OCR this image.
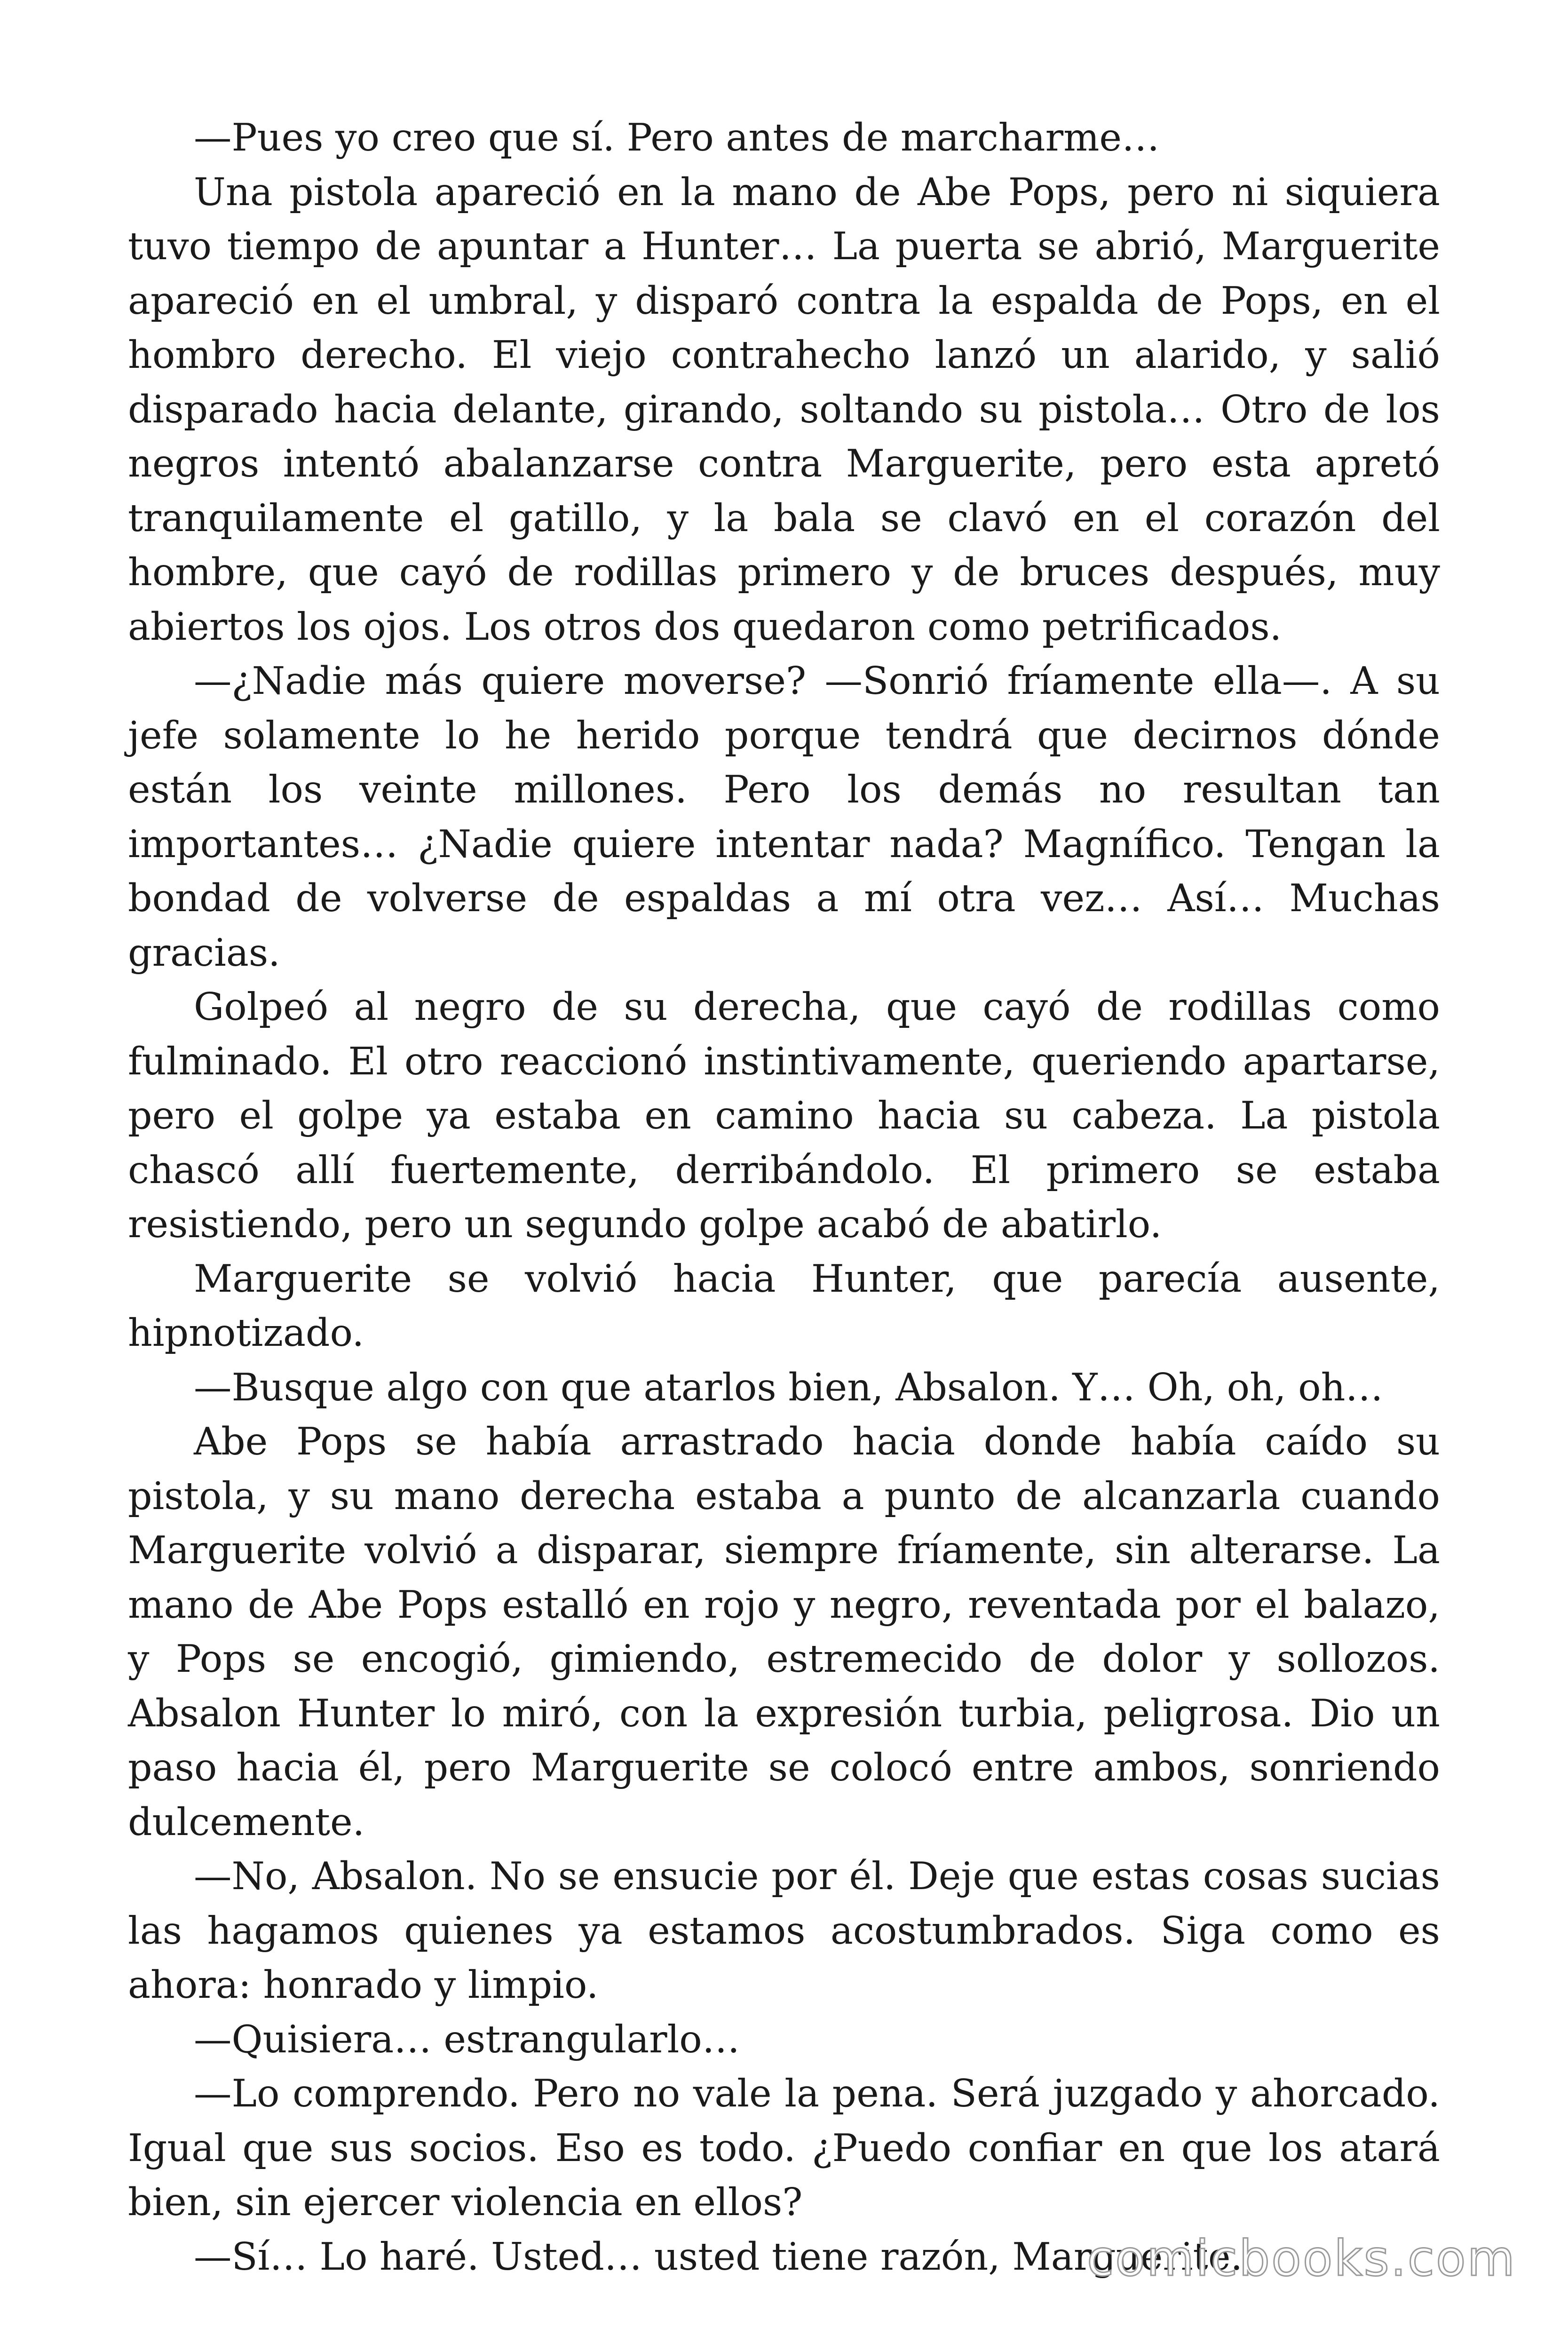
—Pues yo creo que sí. Pero antes de marcharme…

Una pistola apareció en la mano de Abe Pops, pero ni siquiera tuvo tiempo de apuntar a Hunter… La puerta se abrió, Marguerite apareció en el umbral, y disparó contra la espalda de Pops, en el hombro derecho. El viejo contrahecho lanzó un alarido, y salió disparado hacia delante, girando, soltando su pistola… Otro de los negros intentó abalanzarse contra Marguerite, pero esta apretó tranquilamente el gatillo, y la bala se clavó en el corazón del hombre, que cayó de rodillas primero y de bruces después, muy abiertos los ojos. Los otros dos quedaron como petrificados.

—¿Nadie más quiere moverse? —Sonrió fríamente ella—. A su jefe solamente lo he herido porque tendrá que decirnos dónde están los veinte millones. Pero los demás no resultan tan importantes… ¿Nadie quiere intentar nada? Magnífico. Tengan la bondad de volverse de espaldas a mí otra vez… Así… Muchas gracias.

Golpeó al negro de su derecha, que cayó de rodillas como fulminado. El otro reaccionó instintivamente, queriendo apartarse, pero el golpe ya estaba en camino hacia su cabeza. La pistola chascó allí fuertemente, derribándolo. El primero se estaba resistiendo, pero un segundo golpe acabó de abatirlo.

Marguerite se volvió hacia Hunter, que parecía ausente, hipnotizado.

—Busque algo con que atarlos bien, Absalon. Y… Oh, oh, oh…

Abe Pops se había arrastrado hacia donde había caído su pistola, y su mano derecha estaba a punto de alcanzarla cuando Marguerite volvió a disparar, siempre fríamente, sin alterarse. La mano de Abe Pops estalló en rojo y negro, reventada por el balazo, y Pops se encogió, gimiendo, estremecido de dolor y sollozos. Absalon Hunter lo miró, con la expresión turbia, peligrosa. Dio un paso hacia él, pero Marguerite se colocó entre ambos, sonriendo dulcemente.

—No, Absalon. No se ensucie por él. Deje que estas cosas sucias las hagamos quienes ya estamos acostumbrados. Siga como es ahora: honrado y limpio.

—Quisiera… estrangularlo…

—Lo comprendo. Pero no vale la pena. Será juzgado y ahorcado. Igual que sus socios. Eso es todo. ¿Puedo confiar en que los atará bien, sin ejercer violencia en ellos?

—Sí… Lo haré. Usted… usted tiene razón, Marguerite.

comicbooks.com
